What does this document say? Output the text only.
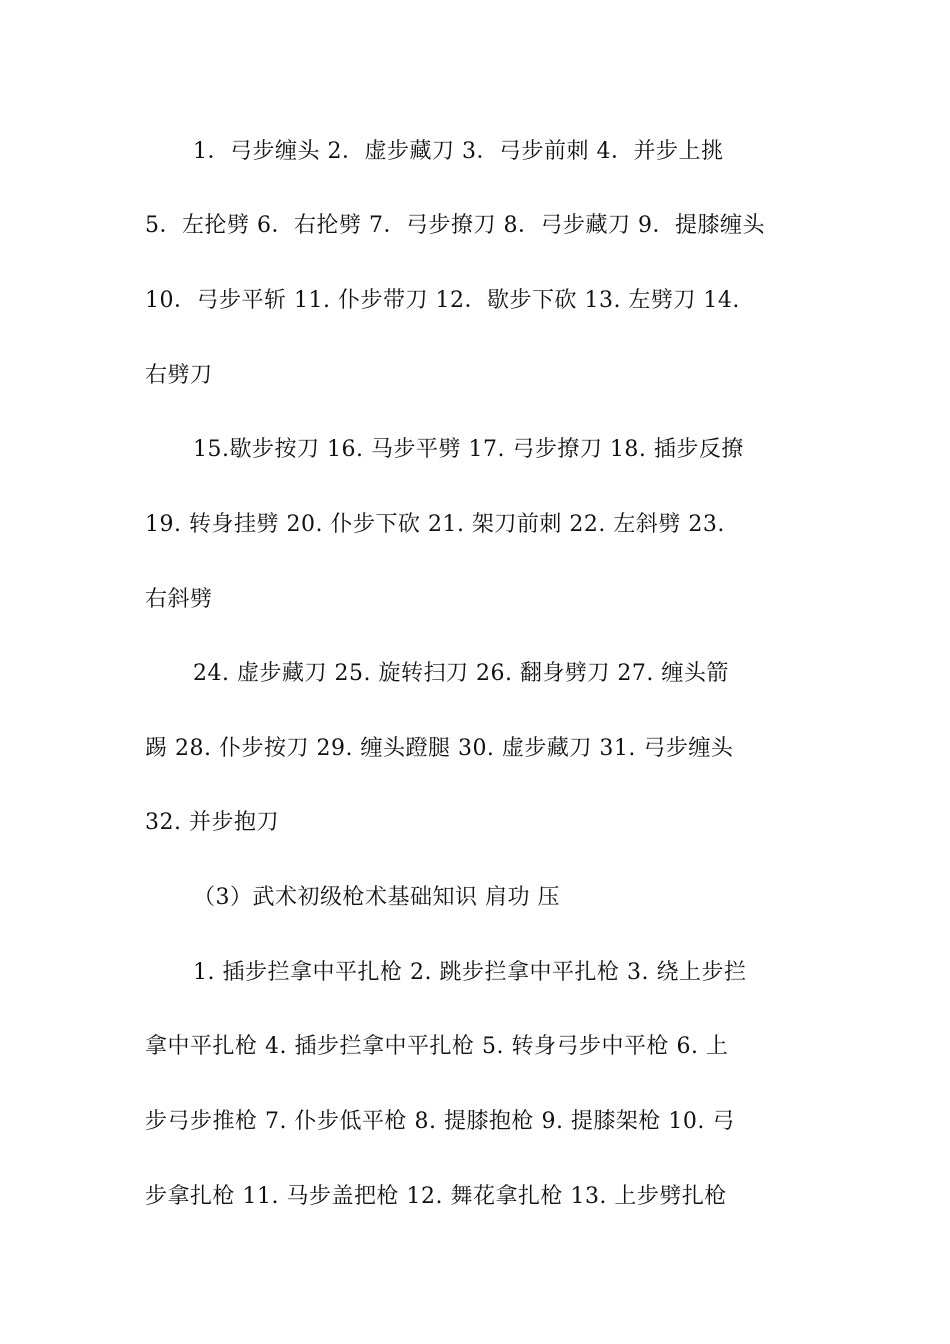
1．弓步缠头 2．虚步藏刀 3．弓步前刺 4．并步上挑
5．左抡劈 6．右抡劈 7．弓步撩刀 8．弓步藏刀 9．提膝缠头
10．弓步平斩 11. 仆步带刀 12．歇步下砍 13. 左劈刀 14.
右劈刀
15.歇步按刀 16. 马步平劈 17. 弓步撩刀 18. 插步反撩
19. 转身挂劈 20. 仆步下砍 21. 架刀前刺 22. 左斜劈 23.
右斜劈
24. 虚步藏刀 25. 旋转扫刀 26. 翻身劈刀 27. 缠头箭
踢 28. 仆步按刀 29. 缠头蹬腿 30. 虚步藏刀 31. 弓步缠头
32. 并步抱刀
（3）武术初级枪术基础知识 肩功 压
1. 插步拦拿中平扎枪 2. 跳步拦拿中平扎枪 3. 绕上步拦
拿中平扎枪 4. 插步拦拿中平扎枪 5. 转身弓步中平枪 6. 上
步弓步推枪 7. 仆步低平枪 8. 提膝抱枪 9. 提膝架枪 10. 弓
步拿扎枪 11. 马步盖把枪 12. 舞花拿扎枪 13. 上步劈扎枪
